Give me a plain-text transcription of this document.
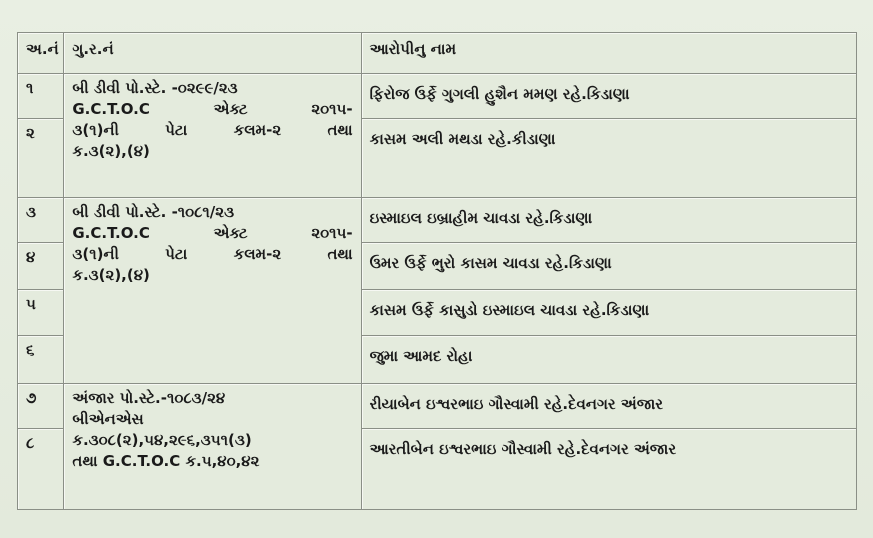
અ.નં	ગુ.ર.નં	આરોપીનુ નામ
૧	બી ડીવી પો.સ્ટે. -૦૨૯૯/૨૩
G.C.T.O.C એક્ટ ૨૦૧૫-
૩(૧)ની પેટા કલમ-૨ તથા
ક.૩(૨),(૪)	ફિરોજ ઉર્ફે ગુગલી હુશૈન મમણ રહે.કિડાણા
૨		કાસમ અલી મથડા રહે.કીડાણા
૩	બી ડીવી પો.સ્ટે. -૧૦૮૧/૨૩
G.C.T.O.C એક્ટ ૨૦૧૫-
૩(૧)ની પેટા કલમ-૨ તથા
ક.૩(૨),(૪)	ઇસ્માઇલ ઇબ્રાહીમ ચાવડા રહે.કિડાણા
૪		ઉમર ઉર્ફે ભુરો કાસમ ચાવડા રહે.કિડાણા
૫		કાસમ ઉર્ફે કાસુડો ઇસ્માઇલ ચાવડા રહે.કિડાણા
૬		જુમા આમદ રોહા
૭	અંજાર પો.સ્ટે.-૧૦૮૩/૨૪
બીએનએસ
ક.૩૦૮(૨),૫૪,૨૯૬,૩૫૧(૩)
તથા G.C.T.O.C ક.૫,૪૦,૪૨	રીયાબેન ઇશ્વરભાઇ ગૌસ્વામી રહે.દેવનગર અંજાર
૮		આરતીબેન ઇશ્વરભાઇ ગૌસ્વામી રહે.દેવનગર અંજાર
